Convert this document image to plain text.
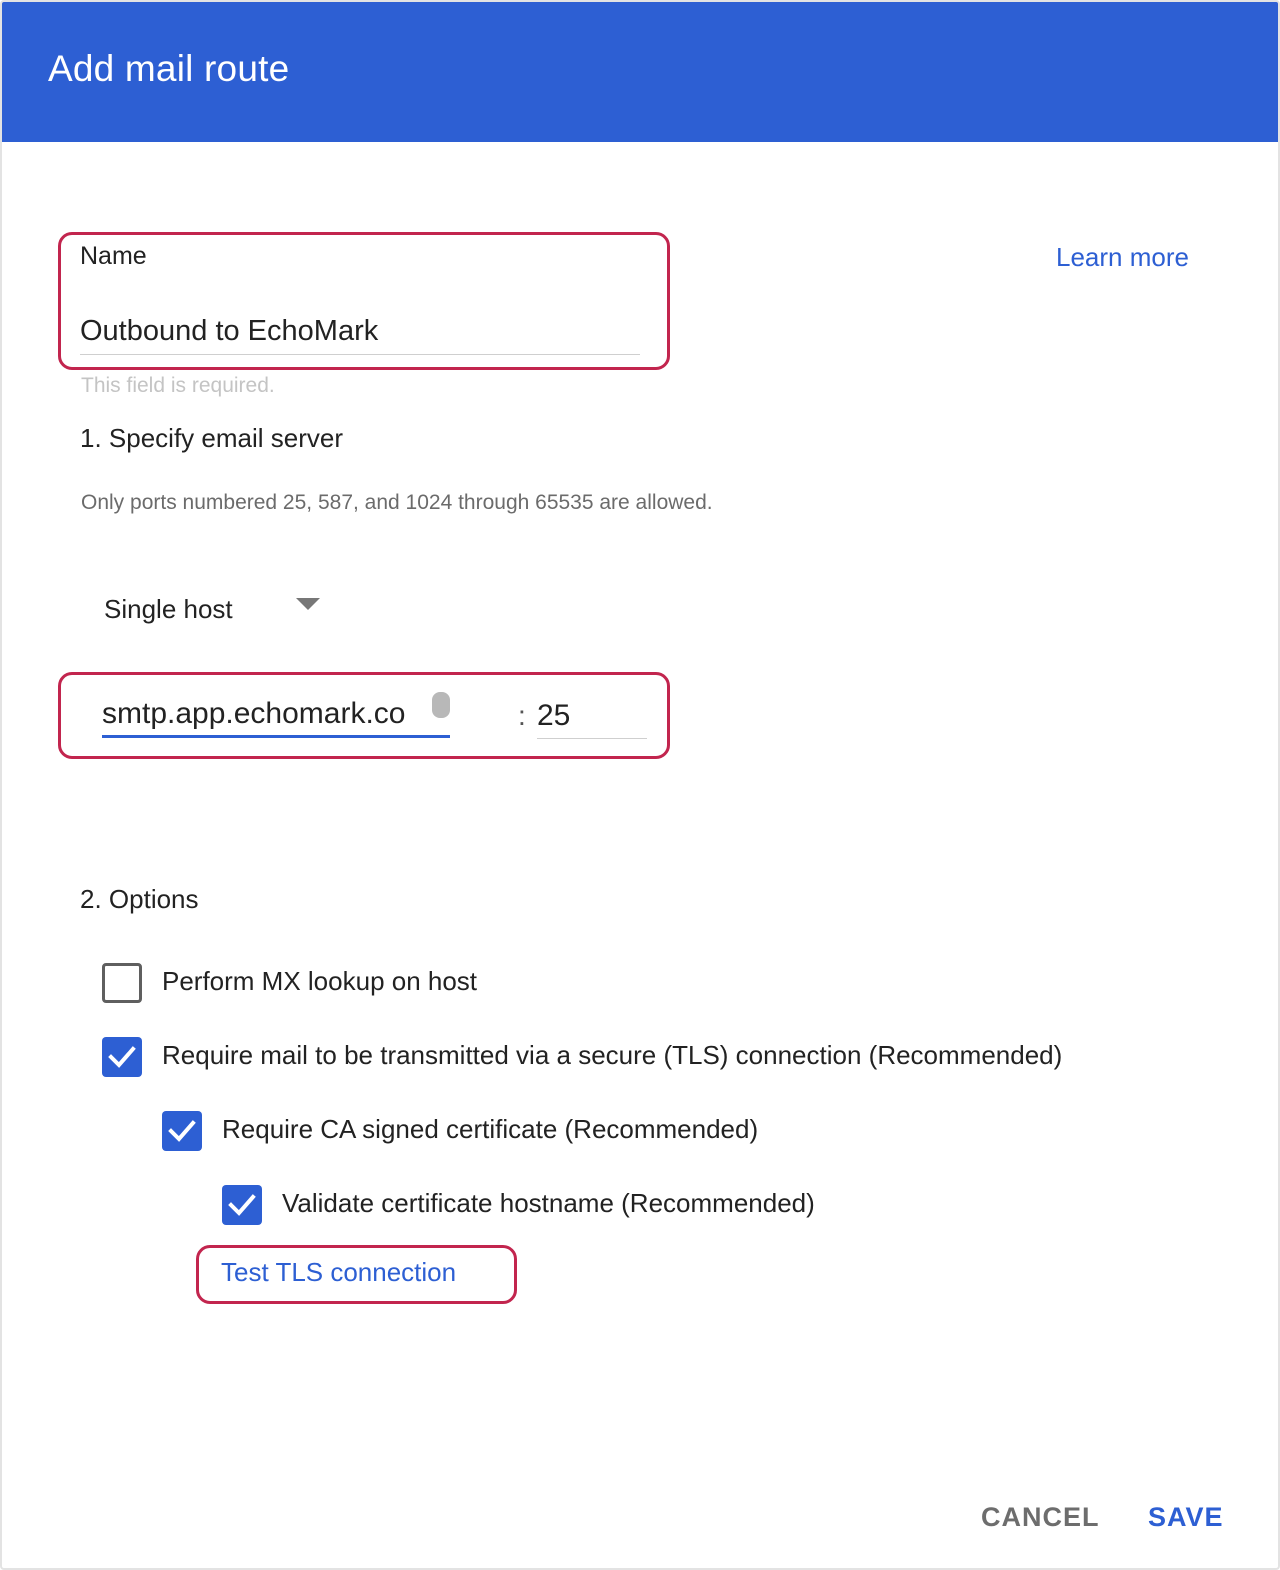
Add mail route
Learn more
Name
Outbound to EchoMark
This field is required.
1. Specify email server
Only ports numbered 25, 587, and 1024 through 65535 are allowed.
Single host
smtp.app.echomark.co
:
25
2. Options
Perform MX lookup on host
Require mail to be transmitted via a secure (TLS) connection (Recommended)
Require CA signed certificate (Recommended)
Validate certificate hostname (Recommended)
Test TLS connection
CANCEL SAVE
